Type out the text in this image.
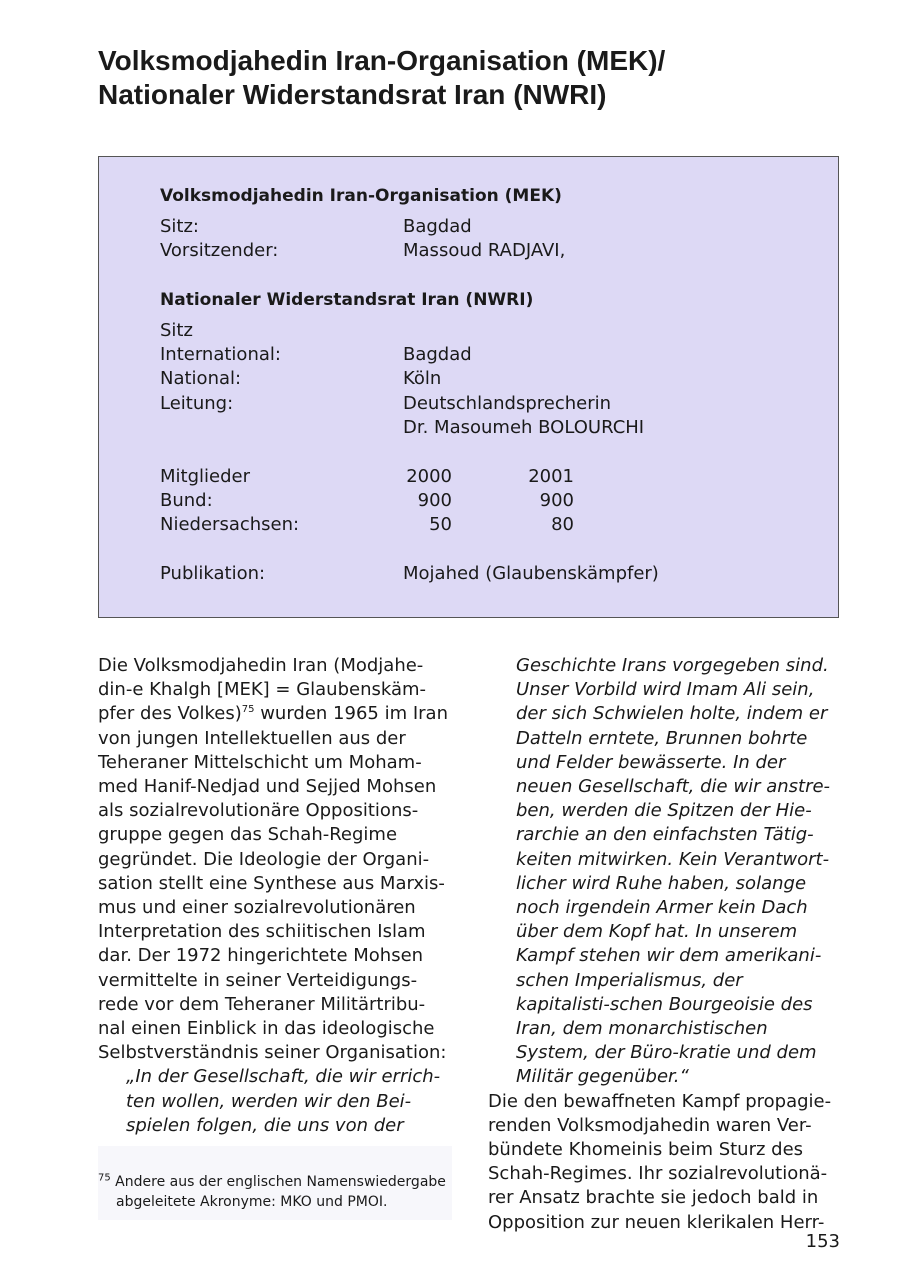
Volksmodjahedin Iran-Organisation (MEK)/
Nationaler Widerstandsrat Iran (NWRI)
Volksmodjahedin Iran-Organisation (MEK)
Sitz:	Bagdad
Vorsitzender:	Massoud RADJAVI,
Nationaler Widerstandsrat Iran (NWRI)
Sitz
International:	Bagdad
National:	Köln
Leitung:	Deutschlandsprecherin
Dr. Masoumeh BOLOURCHI
Mitglieder	2000	2001
Bund:	900	900
Niedersachsen:	50	80
Publikation:	Mojahed (Glaubenskämpfer)

Die Volksmodjahedin Iran (Modjahe-din-e Khalgh [MEK] = Glaubenskäm-pfer des Volkes)$^{75}$ wurden 1965 im Iran von jungen Intellektuellen aus der Teheraner Mittelschicht um Moham-med Hanif-Nedjad und Sejjed Mohsen als sozialrevolutionäre Oppositions-gruppe gegen das Schah-Regime gegründet. Die Ideologie der Organi-sation stellt eine Synthese aus Marxis-mus und einer sozialrevolutionären Interpretation des schiitischen Islam dar. Der 1972 hingerichtete Mohsen vermittelte in seiner Verteidigungs-rede vor dem Teheraner Militärtribu-nal einen Einblick in das ideologische Selbstverständnis seiner Organisation:

„In der Gesellschaft, die wir errich-ten wollen, werden wir den Bei-spielen folgen, die uns von der

Geschichte Irans vorgegeben sind. Unser Vorbild wird Imam Ali sein, der sich Schwielen holte, indem er Datteln erntete, Brunnen bohrte und Felder bewässerte. In der neuen Gesellschaft, die wir anstre-ben, werden die Spitzen der Hie-rarchie an den einfachsten Tätig-keiten mitwirken. Kein Verantwort-licher wird Ruhe haben, solange noch irgendein Armer kein Dach über dem Kopf hat. In unserem Kampf stehen wir dem amerikani-schen Imperialismus, der kapitalisti-schen Bourgeoisie des Iran, dem monarchistischen System, der Büro-kratie und dem Militär gegenüber.“

Die den bewaffneten Kampf propagie-renden Volksmodjahedin waren Ver-bündete Khomeinis beim Sturz des Schah-Regimes. Ihr sozialrevolutionä-rer Ansatz brachte sie jedoch bald in Opposition zur neuen klerikalen Herr-

$^{75}$ Andere aus der englischen Namenswiedergabe
abgeleitete Akronyme: MKO und PMOI.
153
